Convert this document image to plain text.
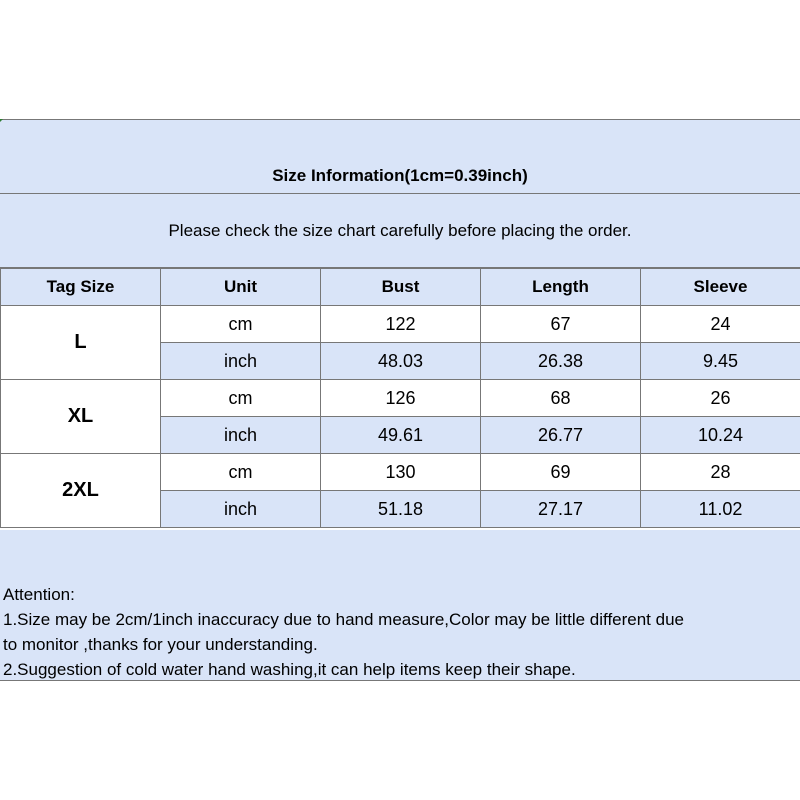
Size Information(1cm=0.39inch)
Please check the size chart carefully before placing the order.
Tag Size	Unit	Bust	Length	Sleeve
L	cm	122	67	24
	inch	48.03	26.38	9.45
XL	cm	126	68	26
	inch	49.61	26.77	10.24
2XL	cm	130	69	28
	inch	51.18	27.17	11.02
Attention:
1.Size may be 2cm/1inch inaccuracy due to hand measure,Color may be little different due
to monitor ,thanks for your understanding.
2.Suggestion of cold water hand washing,it can help items keep their shape.
